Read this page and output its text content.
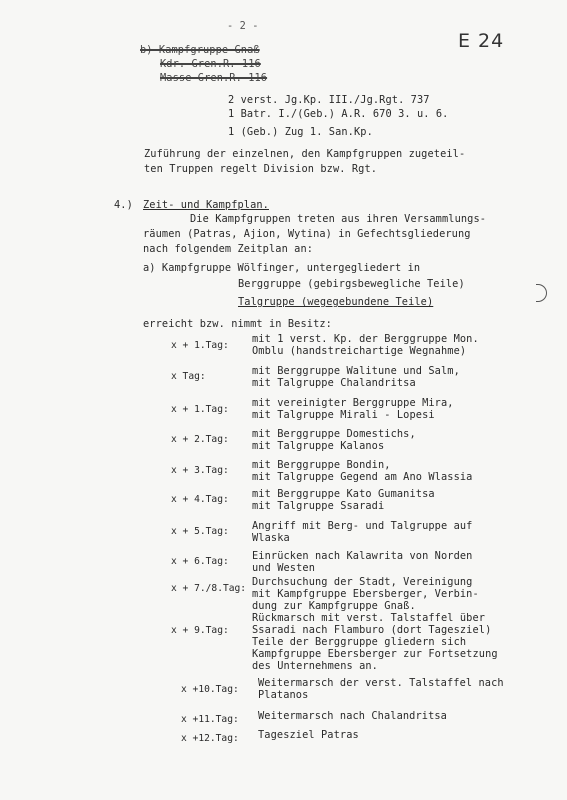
- 2 -
E 24
b) Kampfgruppe Gnaß
Kdr. Gren.R. 116
Masse Gren.R. 116
2 verst. Jg.Kp. III./Jg.Rgt. 737
1 Batr. I./(Geb.) A.R. 670 3. u. 6.
1 (Geb.) Zug 1. San.Kp.
Zuführung der einzelnen, den Kampfgruppen zugeteil-
ten Truppen regelt Division bzw. Rgt.
4.) Zeit- und Kampfplan.
Die Kampfgruppen treten aus ihren Versammlungs-
räumen (Patras, Ajion, Wytina) in Gefechtsgliederung
nach folgendem Zeitplan an:
a) Kampfgruppe Wölfinger, untergegliedert in
Berggruppe (gebirgsbewegliche Teile)
Talgruppe (wegegebundene Teile)
erreicht bzw. nimmt in Besitz:
x + 1.Tag:
mit 1 verst. Kp. der Berggruppe Mon.
Omblu (handstreichartige Wegnahme)
x Tag:	mit Berggruppe Walitune und Salm,
mit Talgruppe Chalandritsa
x + 1.Tag:
mit vereinigter Berggruppe Mira,
mit Talgruppe Mirali - Lopesi
x + 2.Tag: mit Berggruppe Domestichs,
mit Talgruppe Kalanos
x + 3.Tag: mit Berggruppe Bondin,
mit Talgruppe Gegend am Ano Wlassia
x + 4.Tag: mit Berggruppe Kato Gumanitsa
mit Talgruppe Ssaradi
x + 5.Tag: Angriff mit Berg- und Talgruppe auf
Wlaska
x + 6.Tag: Einrücken nach Kalawrita von Norden
und Westen
x + 7./8.Tag:
Durchsuchung der Stadt, Vereinigung
mit Kampfgruppe Ebersberger, Verbin-
dung zur Kampfgruppe Gnaß.
x + 9.Tag:
Rückmarsch mit verst. Talstaffel über
Ssaradi nach Flamburo (dort Tagesziel)
Teile der Berggruppe gliedern sich
Kampfgruppe Ebersberger zur Fortsetzung
des Unternehmens an.
x +10.Tag:
Weitermarsch der verst. Talstaffel nach
Platanos
x +11.Tag: Weitermarsch nach Chalandritsa
x +12.Tag: Tagesziel Patras
